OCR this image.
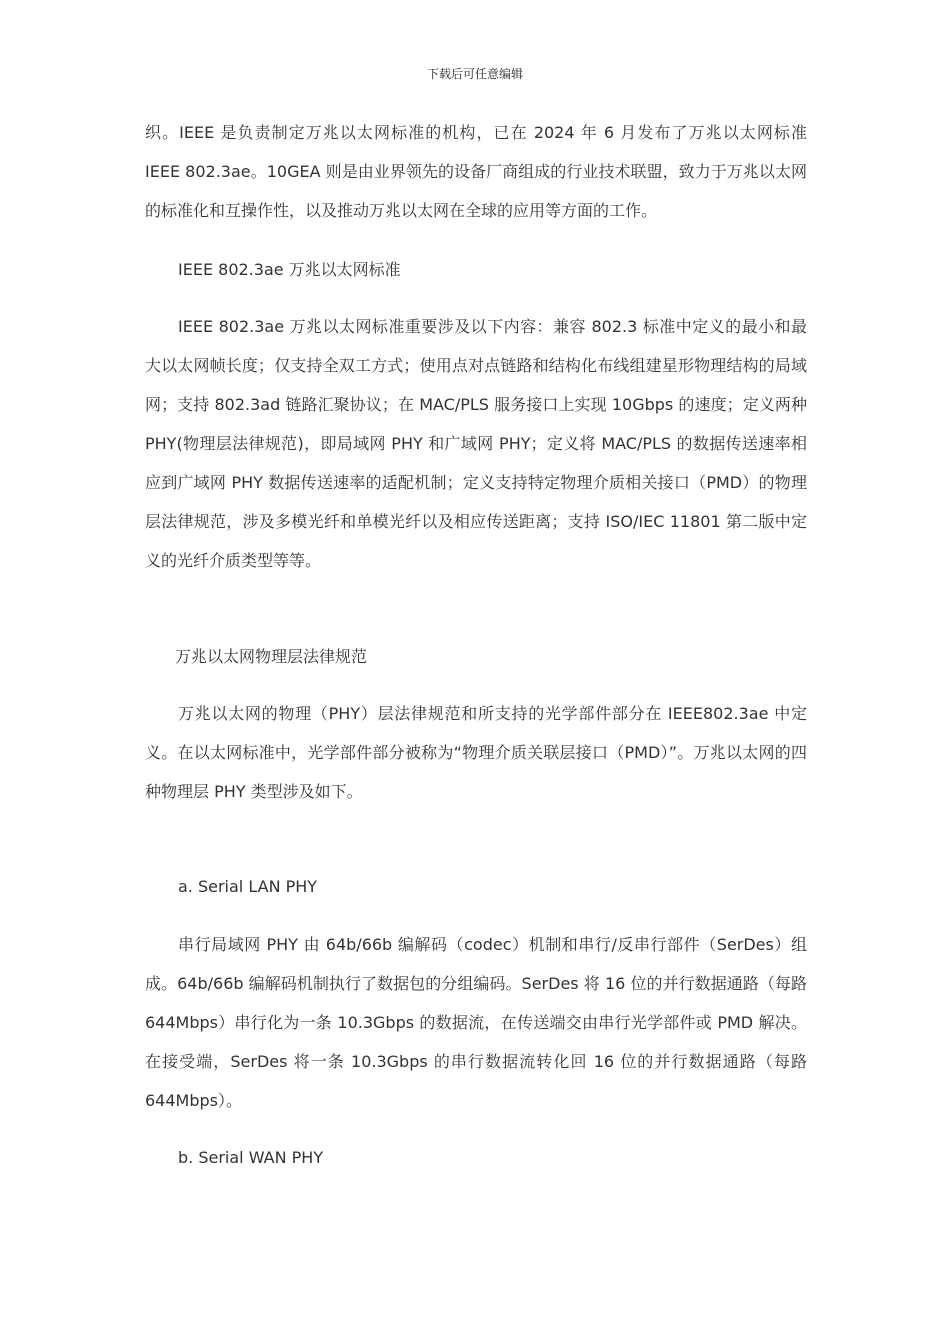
下载后可任意编辑

织。IEEE 是负责制定万兆以太网标准的机构，已在 2024 年 6 月发布了万兆以太网标准 IEEE 802.3ae。10GEA 则是由业界领先的设备厂商组成的行业技术联盟，致力于万兆以太网的标准化和互操作性，以及推动万兆以太网在全球的应用等方面的工作。

IEEE 802.3ae 万兆以太网标准

IEEE 802.3ae 万兆以太网标准重要涉及以下内容：兼容 802.3 标准中定义的最小和最大以太网帧长度；仅支持全双工方式；使用点对点链路和结构化布线组建星形物理结构的局域网；支持 802.3ad 链路汇聚协议；在 MAC/PLS 服务接口上实现 10Gbps 的速度；定义两种 PHY(物理层法律规范)，即局域网 PHY 和广域网 PHY；定义将 MAC/PLS 的数据传送速率相应到广域网 PHY 数据传送速率的适配机制；定义支持特定物理介质相关接口（PMD）的物理层法律规范，涉及多模光纤和单模光纤以及相应传送距离；支持 ISO/IEC 11801 第二版中定义的光纤介质类型等等。

万兆以太网物理层法律规范

万兆以太网的物理（PHY）层法律规范和所支持的光学部件部分在 IEEE802.3ae 中定义。在以太网标准中，光学部件部分被称为“物理介质关联层接口（PMD）”。万兆以太网的四种物理层 PHY 类型涉及如下。

a. Serial LAN PHY

串行局域网 PHY 由 64b/66b 编解码（codec）机制和串行/反串行部件（SerDes）组成。64b/66b 编解码机制执行了数据包的分组编码。SerDes 将 16 位的并行数据通路（每路 644Mbps）串行化为一条 10.3Gbps 的数据流，在传送端交由串行光学部件或 PMD 解决。在接受端，SerDes 将一条 10.3Gbps 的串行数据流转化回 16 位的并行数据通路（每路 644Mbps）。

b. Serial WAN PHY
